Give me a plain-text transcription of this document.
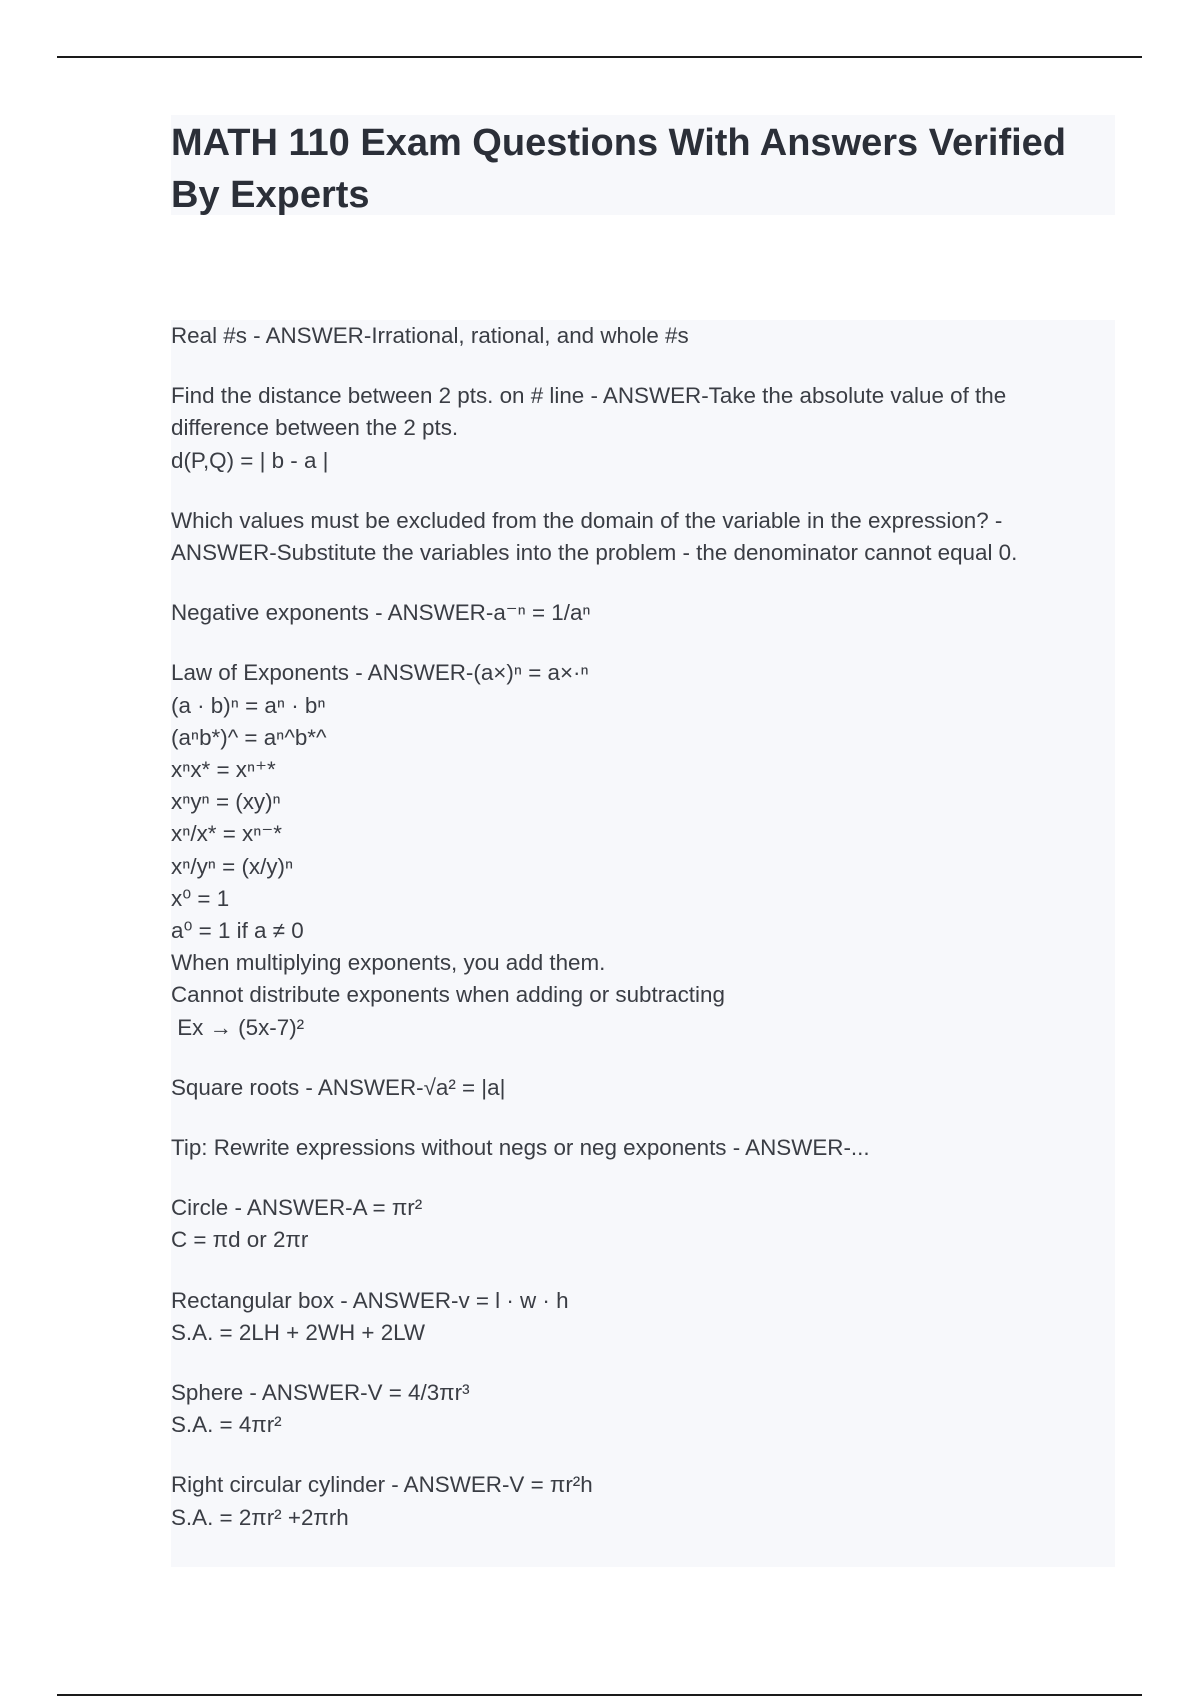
MATH 110 Exam Questions With Answers Verified By Experts
Real #s - ANSWER-Irrational, rational, and whole #s
Find the distance between 2 pts. on # line - ANSWER-Take the absolute value of the
difference between the 2 pts.
d(P,Q) = | b - a |
Which values must be excluded from the domain of the variable in the expression? -
ANSWER-Substitute the variables into the problem - the denominator cannot equal 0.
Negative exponents - ANSWER-a⁻ⁿ = 1/aⁿ
Law of Exponents - ANSWER-(a×)ⁿ = a×·ⁿ
(a · b)ⁿ = aⁿ · bⁿ
(aⁿb*)^ = aⁿ^b*^
xⁿx* = xⁿ⁺*
xⁿyⁿ = (xy)ⁿ
xⁿ/x* = xⁿ⁻*
xⁿ/yⁿ = (x/y)ⁿ
x⁰ = 1
a⁰ = 1 if a ≠ 0
When multiplying exponents, you add them.
Cannot distribute exponents when adding or subtracting
Ex → (5x-7)²
Square roots - ANSWER-√a² = |a|
Tip: Rewrite expressions without negs or neg exponents - ANSWER-...
Circle - ANSWER-A = πr²
C = πd or 2πr
Rectangular box - ANSWER-v = l · w · h
S.A. = 2LH + 2WH + 2LW
Sphere - ANSWER-V = 4/3πr³
S.A. = 4πr²
Right circular cylinder - ANSWER-V = πr²h
S.A. = 2πr² +2πrh
